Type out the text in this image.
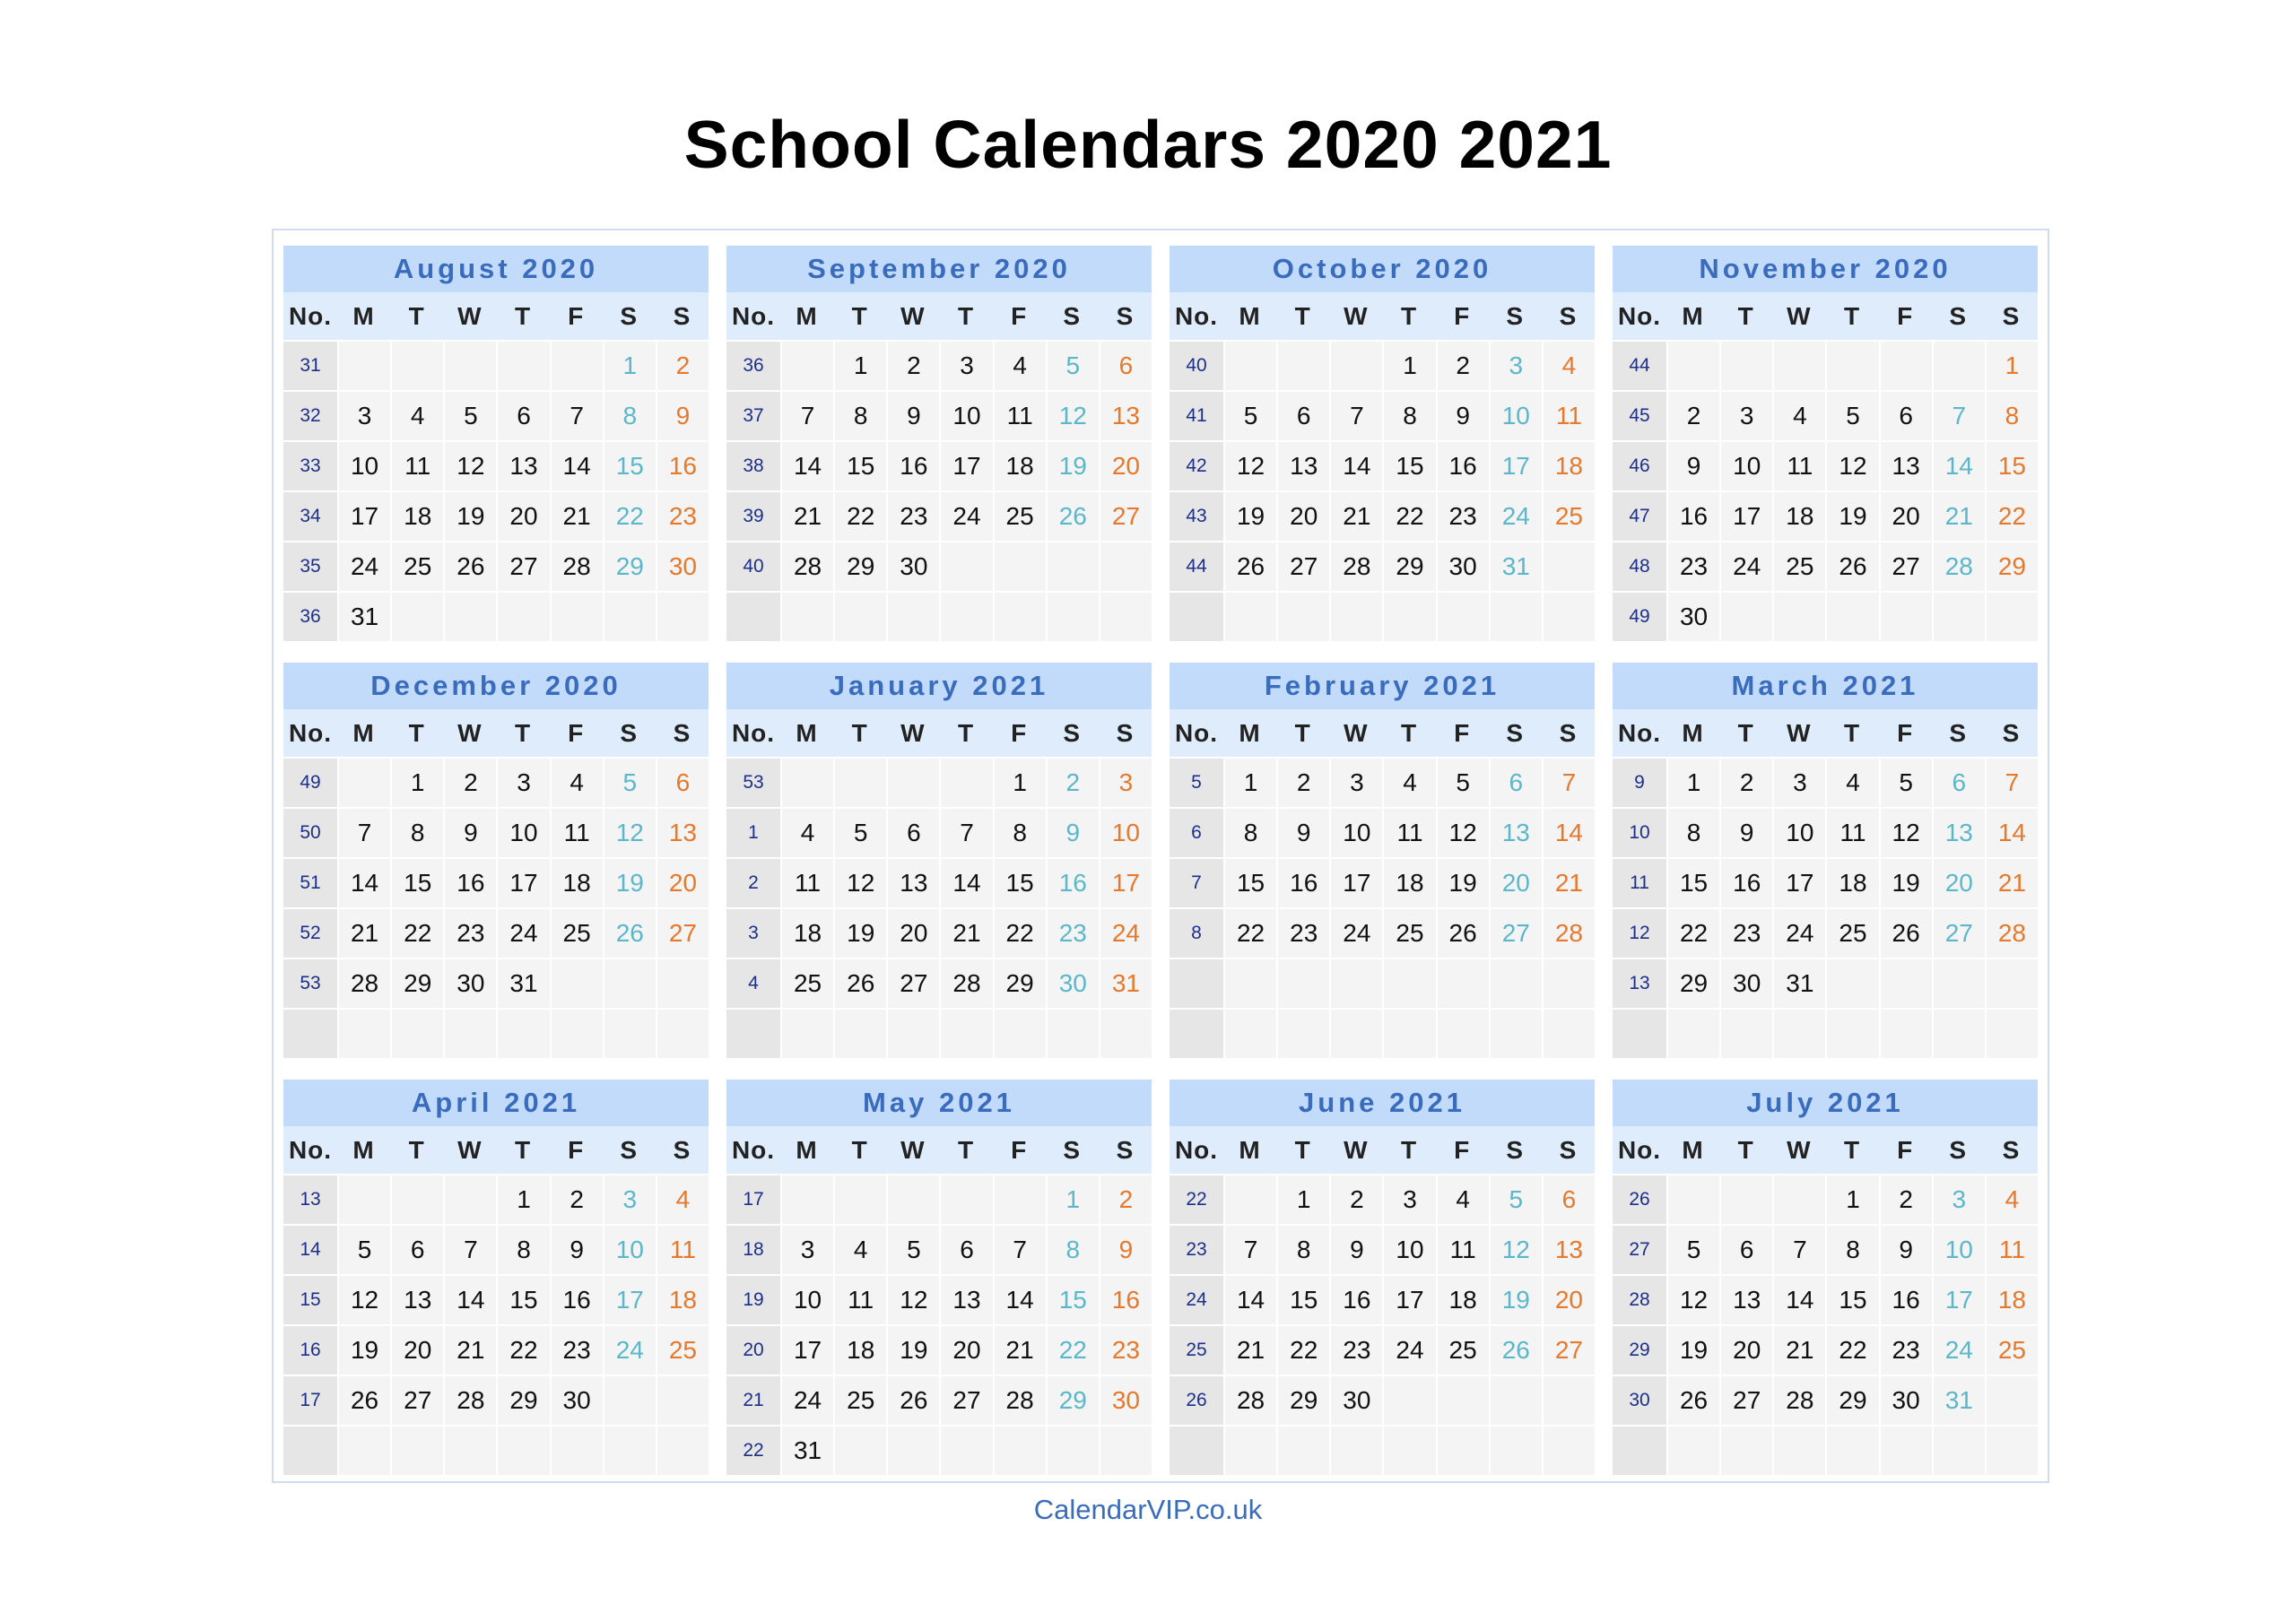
School Calendars 2020 2021
August 2020
No.	M	T	W	T	F	S	S
31						1	2
32	3	4	5	6	7	8	9
33	10	11	12	13	14	15	16
34	17	18	19	20	21	22	23
35	24	25	26	27	28	29	30
36	31						
September 2020
No.	M	T	W	T	F	S	S
36		1	2	3	4	5	6
37	7	8	9	10	11	12	13
38	14	15	16	17	18	19	20
39	21	22	23	24	25	26	27
40	28	29	30				

October 2020
No.	M	T	W	T	F	S	S
40				1	2	3	4
41	5	6	7	8	9	10	11
42	12	13	14	15	16	17	18
43	19	20	21	22	23	24	25
44	26	27	28	29	30	31	

November 2020
No.	M	T	W	T	F	S	S
44							1
45	2	3	4	5	6	7	8
46	9	10	11	12	13	14	15
47	16	17	18	19	20	21	22
48	23	24	25	26	27	28	29
49	30						
December 2020
No.	M	T	W	T	F	S	S
49		1	2	3	4	5	6
50	7	8	9	10	11	12	13
51	14	15	16	17	18	19	20
52	21	22	23	24	25	26	27
53	28	29	30	31			

January 2021
No.	M	T	W	T	F	S	S
53					1	2	3
1	4	5	6	7	8	9	10
2	11	12	13	14	15	16	17
3	18	19	20	21	22	23	24
4	25	26	27	28	29	30	31

February 2021
No.	M	T	W	T	F	S	S
5	1	2	3	4	5	6	7
6	8	9	10	11	12	13	14
7	15	16	17	18	19	20	21
8	22	23	24	25	26	27	28

March 2021
No.	M	T	W	T	F	S	S
9	1	2	3	4	5	6	7
10	8	9	10	11	12	13	14
11	15	16	17	18	19	20	21
12	22	23	24	25	26	27	28
13	29	30	31				

April 2021
No.	M	T	W	T	F	S	S
13				1	2	3	4
14	5	6	7	8	9	10	11
15	12	13	14	15	16	17	18
16	19	20	21	22	23	24	25
17	26	27	28	29	30		

May 2021
No.	M	T	W	T	F	S	S
17						1	2
18	3	4	5	6	7	8	9
19	10	11	12	13	14	15	16
20	17	18	19	20	21	22	23
21	24	25	26	27	28	29	30
22	31						
June 2021
No.	M	T	W	T	F	S	S
22		1	2	3	4	5	6
23	7	8	9	10	11	12	13
24	14	15	16	17	18	19	20
25	21	22	23	24	25	26	27
26	28	29	30				

July 2021
No.	M	T	W	T	F	S	S
26				1	2	3	4
27	5	6	7	8	9	10	11
28	12	13	14	15	16	17	18
29	19	20	21	22	23	24	25
30	26	27	28	29	30	31	

CalendarVIP.co.uk
